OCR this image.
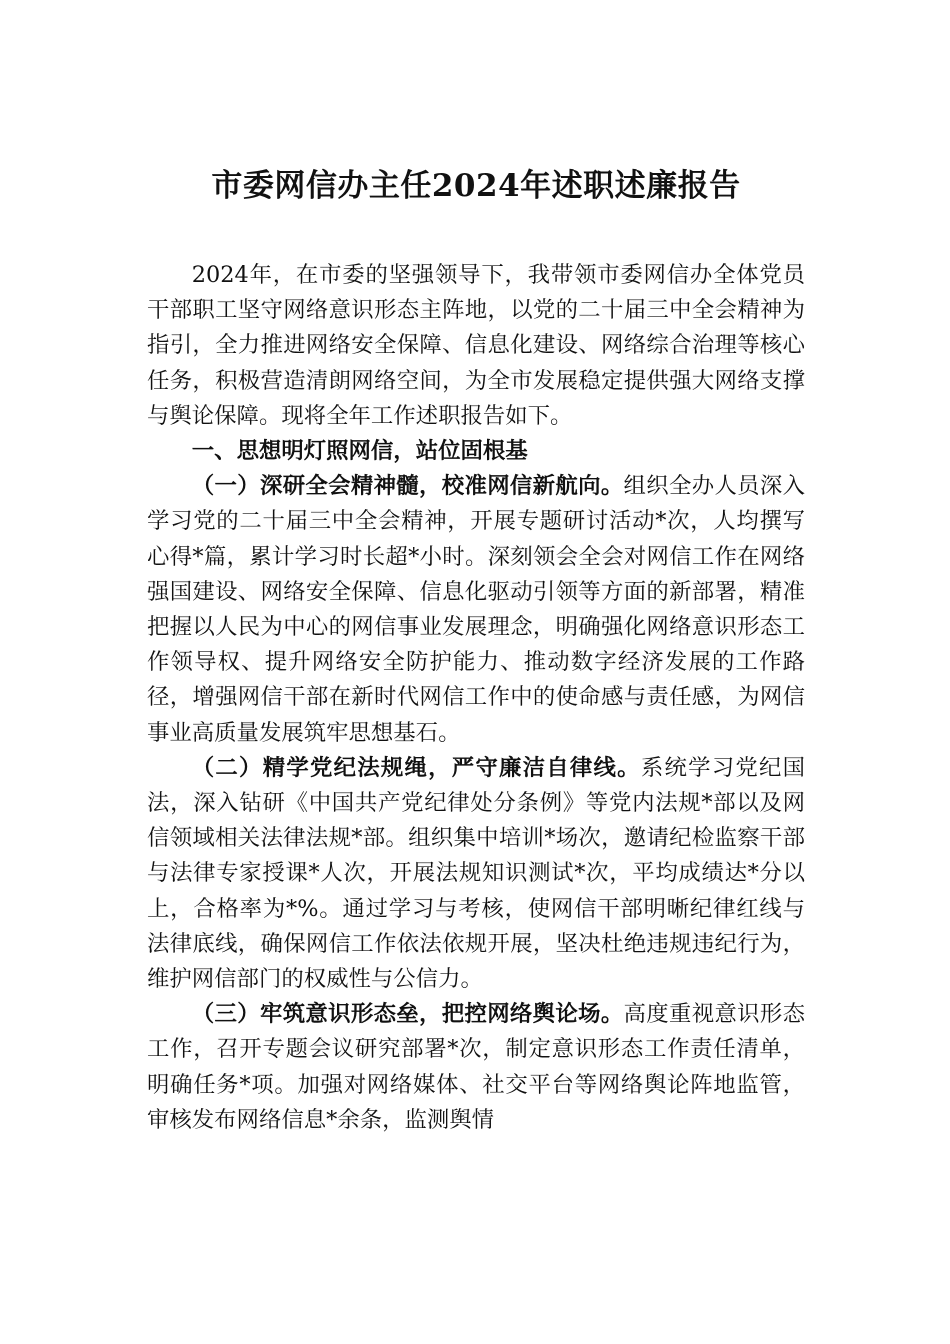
市委网信办主任2024年述职述廉报告

2024年，在市委的坚强领导下，我带领市委网信办全体党员干部职工坚守网络意识形态主阵地，以党的二十届三中全会精神为指引，全力推进网络安全保障、信息化建设、网络综合治理等核心任务，积极营造清朗网络空间，为全市发展稳定提供强大网络支撑与舆论保障。现将全年工作述职报告如下。

一、思想明灯照网信，站位固根基

（一）深研全会精神髓，校准网信新航向。组织全办人员深入学习党的二十届三中全会精神，开展专题研讨活动*次，人均撰写心得*篇，累计学习时长超*小时。深刻领会全会对网信工作在网络强国建设、网络安全保障、信息化驱动引领等方面的新部署，精准把握以人民为中心的网信事业发展理念，明确强化网络意识形态工作领导权、提升网络安全防护能力、推动数字经济发展的工作路径，增强网信干部在新时代网信工作中的使命感与责任感，为网信事业高质量发展筑牢思想基石。

（二）精学党纪法规绳，严守廉洁自律线。系统学习党纪国法，深入钻研《中国共产党纪律处分条例》等党内法规*部以及网信领域相关法律法规*部。组织集中培训*场次，邀请纪检监察干部与法律专家授课*人次，开展法规知识测试*次，平均成绩达*分以上，合格率为*%。通过学习与考核，使网信干部明晰纪律红线与法律底线，确保网信工作依法依规开展，坚决杜绝违规违纪行为，维护网信部门的权威性与公信力。

（三）牢筑意识形态垒，把控网络舆论场。高度重视意识形态工作，召开专题会议研究部署*次，制定意识形态工作责任清单，明确任务*项。加强对网络媒体、社交平台等网络舆论阵地监管，审核发布网络信息*余条，监测舆情
